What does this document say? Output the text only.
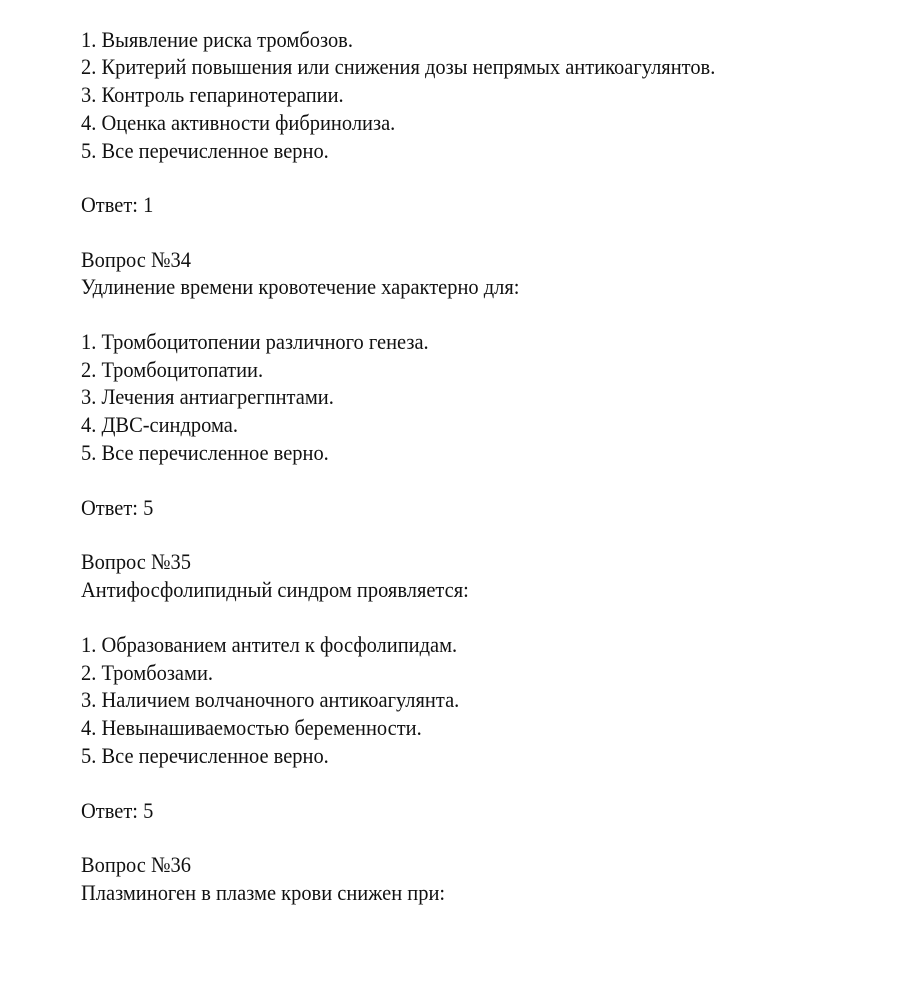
1. Выявление риска тромбозов.
2. Критерий повышения или снижения дозы непрямых антикоагулянтов.
3. Контроль гепаринотерапии.
4. Оценка активности фибринолиза.
5. Все перечисленное верно.
Ответ: 1
Вопрос №34
Удлинение времени кровотечение характерно для:
1. Тромбоцитопении различного генеза.
2. Тромбоцитопатии.
3. Лечения антиагрегпнтами.
4. ДВС-синдрома.
5. Все перечисленное верно.
Ответ: 5
Вопрос №35
Антифосфолипидный синдром проявляется:
1. Образованием антител к фосфолипидам.
2. Тромбозами.
3. Наличием волчаночного антикоагулянта.
4. Невынашиваемостью беременности.
5. Все перечисленное верно.
Ответ: 5
Вопрос №36
Плазминоген в плазме крови снижен при:
